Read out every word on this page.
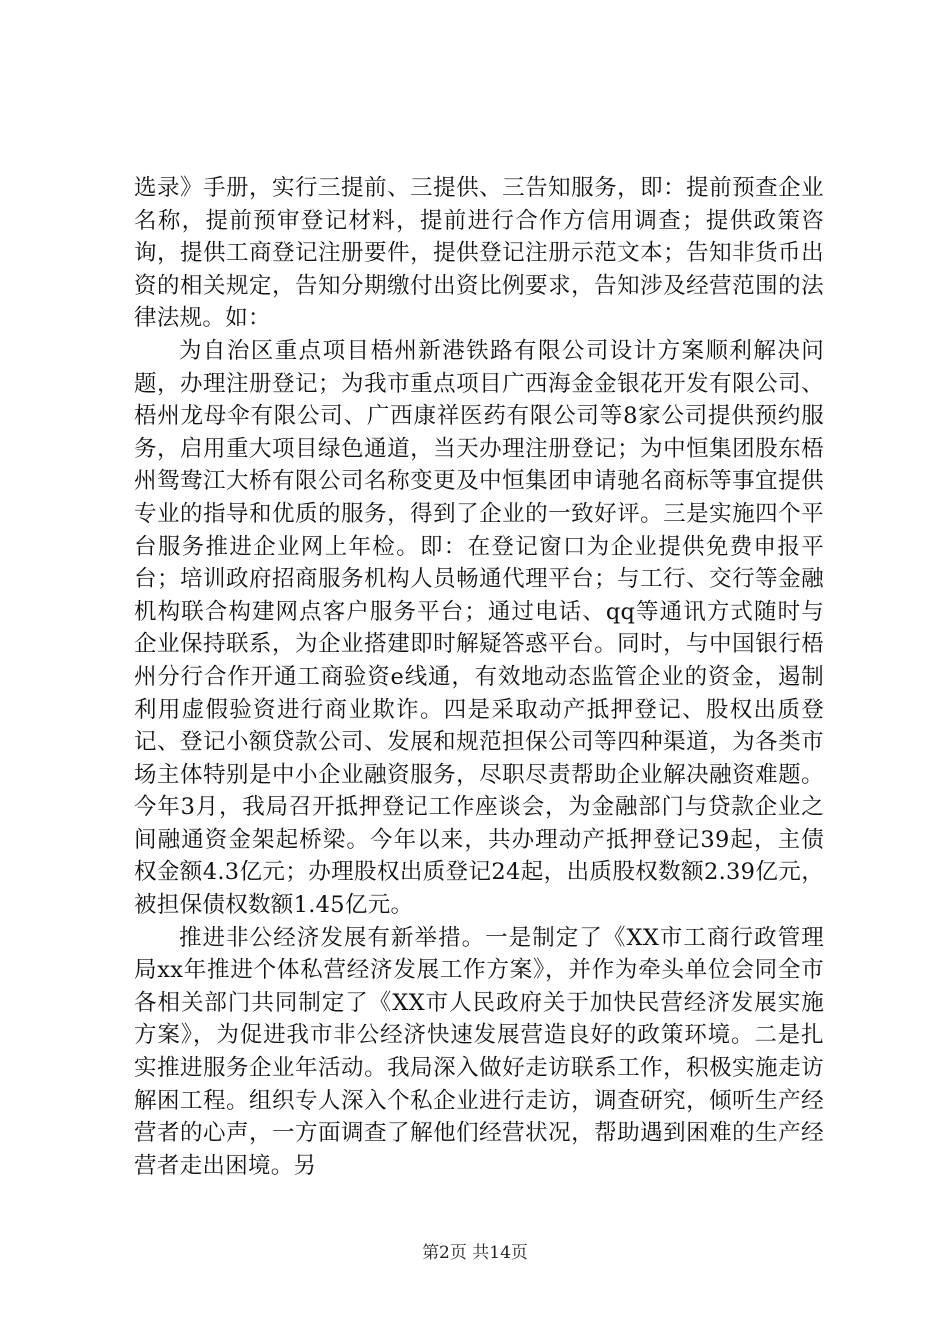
选录》手册，实行三提前、三提供、三告知服务，即：提前预查企业名称，提前预审登记材料，提前进行合作方信用调查；提供政策咨询，提供工商登记注册要件，提供登记注册示范文本；告知非货币出资的相关规定，告知分期缴付出资比例要求，告知涉及经营范围的法律法规。如：

为自治区重点项目梧州新港铁路有限公司设计方案顺利解决问题，办理注册登记；为我市重点项目广西海金金银花开发有限公司、梧州龙母伞有限公司、广西康祥医药有限公司等8家公司提供预约服务，启用重大项目绿色通道，当天办理注册登记；为中恒集团股东梧州鸳鸯江大桥有限公司名称变更及中恒集团申请驰名商标等事宜提供专业的指导和优质的服务，得到了企业的一致好评。三是实施四个平台服务推进企业网上年检。即：在登记窗口为企业提供免费申报平台；培训政府招商服务机构人员畅通代理平台；与工行、交行等金融机构联合构建网点客户服务平台；通过电话、qq等通讯方式随时与企业保持联系，为企业搭建即时解疑答惑平台。同时，与中国银行梧州分行合作开通工商验资e线通，有效地动态监管企业的资金，遏制利用虚假验资进行商业欺诈。四是采取动产抵押登记、股权出质登记、登记小额贷款公司、发展和规范担保公司等四种渠道，为各类市场主体特别是中小企业融资服务，尽职尽责帮助企业解决融资难题。今年3月，我局召开抵押登记工作座谈会，为金融部门与贷款企业之间融通资金架起桥梁。今年以来，共办理动产抵押登记39起，主债权金额4.3亿元；办理股权出质登记24起，出质股权数额2.39亿元，被担保债权数额1.45亿元。

推进非公经济发展有新举措。一是制定了《XX市工商行政管理局xx年推进个体私营经济发展工作方案》，并作为牵头单位会同全市各相关部门共同制定了《XX市人民政府关于加快民营经济发展实施方案》，为促进我市非公经济快速发展营造良好的政策环境。二是扎实推进服务企业年活动。我局深入做好走访联系工作，积极实施走访解困工程。组织专人深入个私企业进行走访，调查研究，倾听生产经营者的心声，一方面调查了解他们经营状况，帮助遇到困难的生产经营者走出困境。另

第2页 共14页
